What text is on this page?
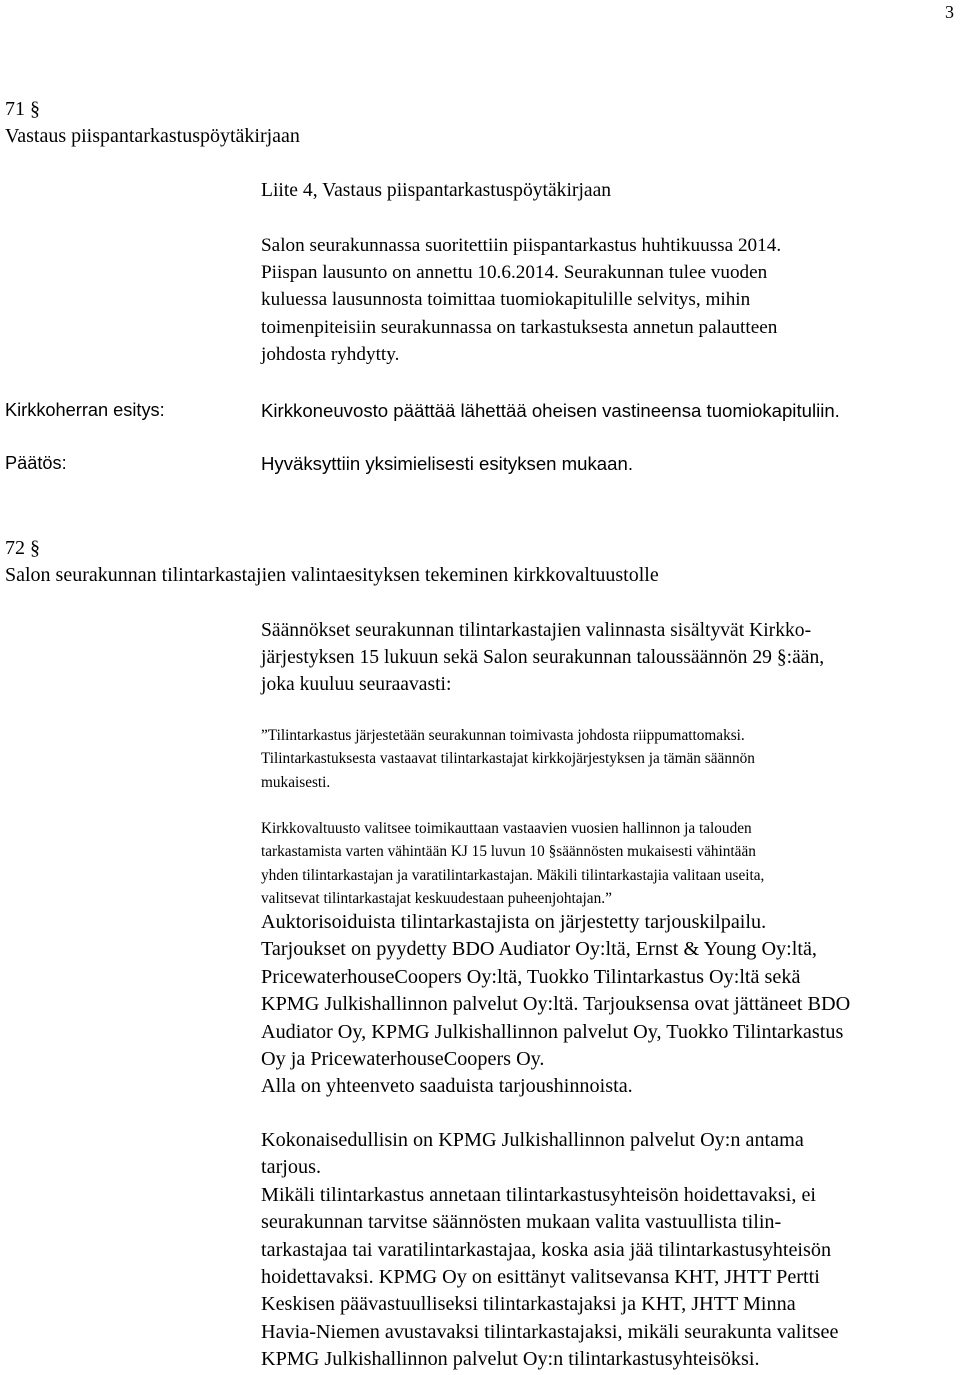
3
71 §
Vastaus piispantarkastuspöytäkirjaan
Liite 4, Vastaus piispantarkastuspöytäkirjaan
Salon seurakunnassa suoritettiin piispantarkastus huhtikuussa 2014.
Piispan lausunto on annettu 10.6.2014. Seurakunnan tulee vuoden
kuluessa lausunnosta toimittaa tuomiokapitulille selvitys, mihin
toimenpiteisiin seurakunnassa on tarkastuksesta annetun palautteen
johdosta ryhdytty.
Kirkkoherran esitys:	Kirkkoneuvosto päättää lähettää oheisen vastineensa tuomiokapituliin.
Päätös:	Hyväksyttiin yksimielisesti esityksen mukaan.
72 §
Salon seurakunnan tilintarkastajien valintaesityksen tekeminen kirkkovaltuustolle
Säännökset seurakunnan tilintarkastajien valinnasta sisältyvät Kirkko-
järjestyksen 15 lukuun sekä Salon seurakunnan taloussäännön 29 §:ään,
joka kuuluu seuraavasti:
”Tilintarkastus järjestetään seurakunnan toimivasta johdosta riippumattomaksi.
Tilintarkastuksesta vastaavat tilintarkastajat kirkkojärjestyksen ja tämän säännön
mukaisesti.
Kirkkovaltuusto valitsee toimikauttaan vastaavien vuosien hallinnon ja talouden
tarkastamista varten vähintään KJ 15 luvun 10 §säännösten mukaisesti vähintään
yhden tilintarkastajan ja varatilintarkastajan. Mäkili tilintarkastajia valitaan useita,
valitsevat tilintarkastajat keskuudestaan puheenjohtajan.”
Auktorisoiduista tilintarkastajista on järjestetty tarjouskilpailu.
Tarjoukset on pyydetty BDO Audiator Oy:ltä, Ernst & Young Oy:ltä,
PricewaterhouseCoopers Oy:ltä, Tuokko Tilintarkastus Oy:ltä sekä
KPMG Julkishallinnon palvelut Oy:ltä. Tarjouksensa ovat jättäneet BDO
Audiator Oy, KPMG Julkishallinnon palvelut Oy, Tuokko Tilintarkastus
Oy ja PricewaterhouseCoopers Oy.
Alla on yhteenveto saaduista tarjoushinnoista.
Kokonaisedullisin on KPMG Julkishallinnon palvelut Oy:n antama
tarjous.
Mikäli tilintarkastus annetaan tilintarkastusyhteisön hoidettavaksi, ei
seurakunnan tarvitse säännösten mukaan valita vastuullista tilin-
tarkastajaa tai varatilintarkastajaa, koska asia jää tilintarkastusyhteisön
hoidettavaksi. KPMG Oy on esittänyt valitsevansa KHT, JHTT Pertti
Keskisen päävastuulliseksi tilintarkastajaksi ja KHT, JHTT Minna
Havia-Niemen avustavaksi tilintarkastajaksi, mikäli seurakunta valitsee
KPMG Julkishallinnon palvelut Oy:n tilintarkastusyhteisöksi.
